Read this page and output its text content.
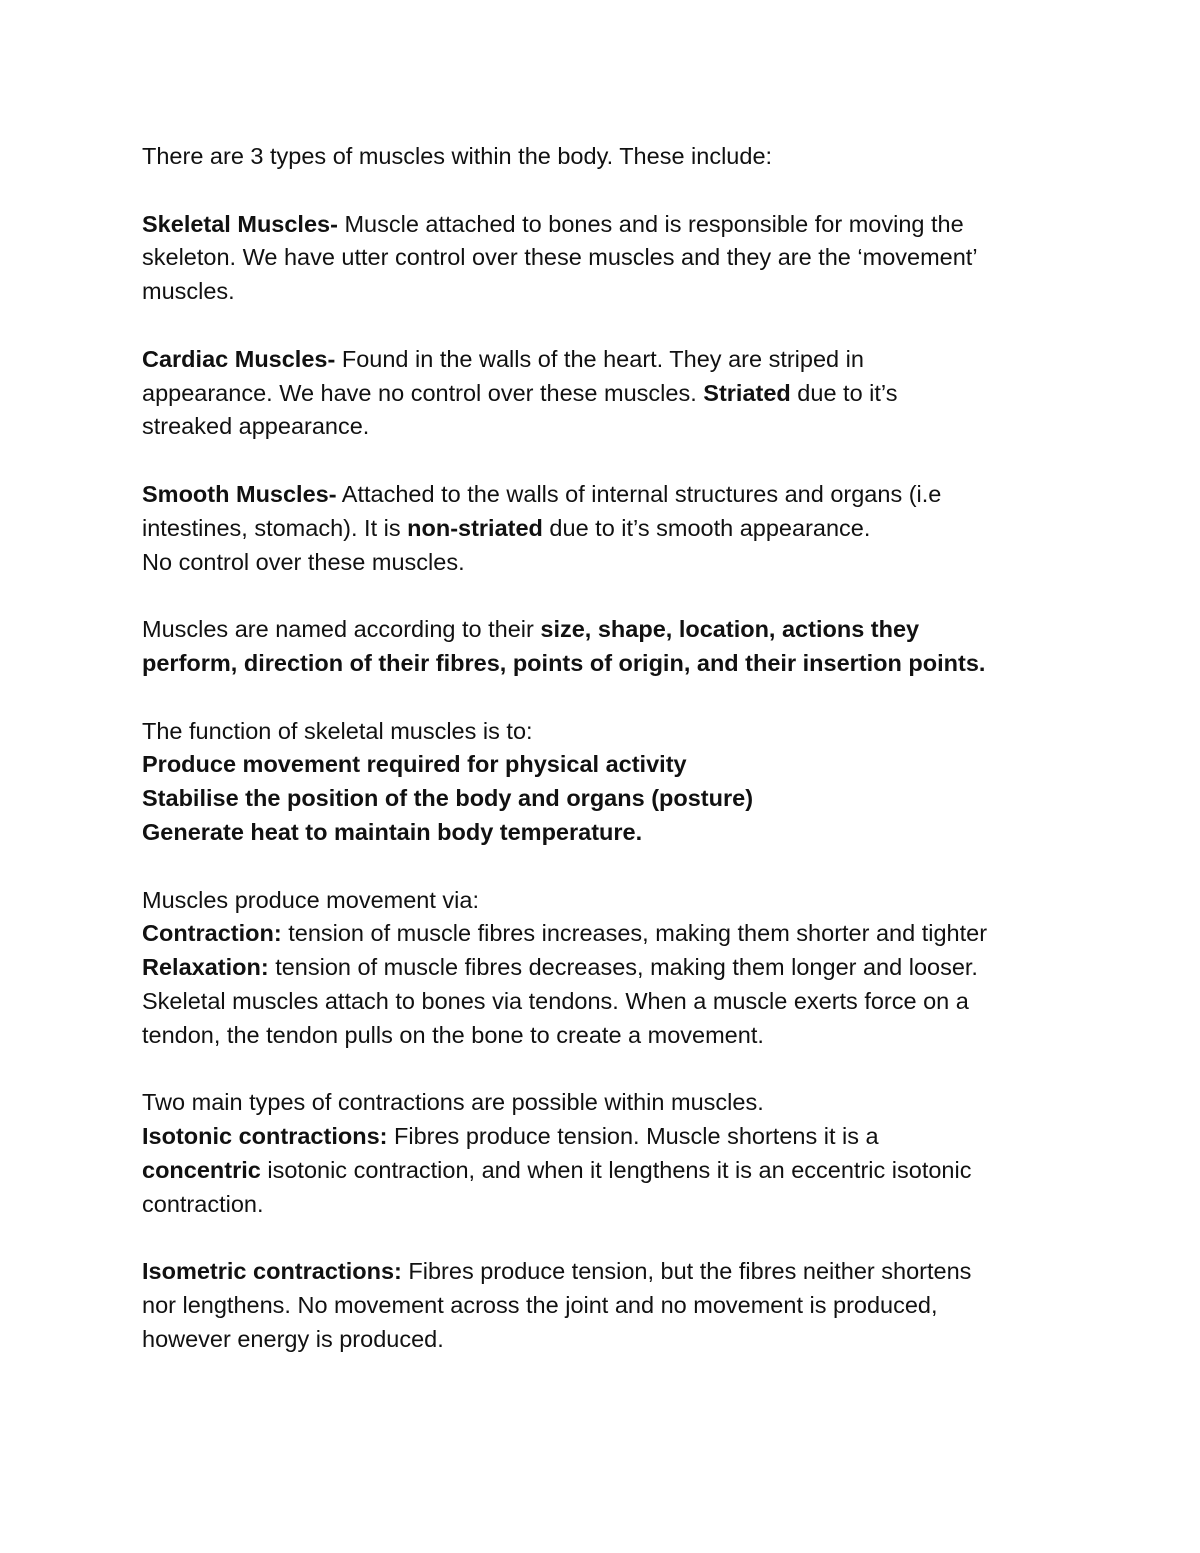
There are 3 types of muscles within the body. These include:
Skeletal Muscles- Muscle attached to bones and is responsible for moving the
skeleton. We have utter control over these muscles and they are the ‘movement’
muscles.
Cardiac Muscles- Found in the walls of the heart. They are striped in
appearance. We have no control over these muscles. Striated due to it’s
streaked appearance.
Smooth Muscles- Attached to the walls of internal structures and organs (i.e
intestines, stomach). It is non-striated due to it’s smooth appearance.
No control over these muscles.
Muscles are named according to their size, shape, location, actions they
perform, direction of their fibres, points of origin, and their insertion points.
The function of skeletal muscles is to:
Produce movement required for physical activity
Stabilise the position of the body and organs (posture)
Generate heat to maintain body temperature.
Muscles produce movement via:
Contraction: tension of muscle fibres increases, making them shorter and tighter
Relaxation: tension of muscle fibres decreases, making them longer and looser.
Skeletal muscles attach to bones via tendons. When a muscle exerts force on a
tendon, the tendon pulls on the bone to create a movement.
Two main types of contractions are possible within muscles.
Isotonic contractions: Fibres produce tension. Muscle shortens it is a
concentric isotonic contraction, and when it lengthens it is an eccentric isotonic
contraction.
Isometric contractions: Fibres produce tension, but the fibres neither shortens
nor lengthens. No movement across the joint and no movement is produced,
however energy is produced.
